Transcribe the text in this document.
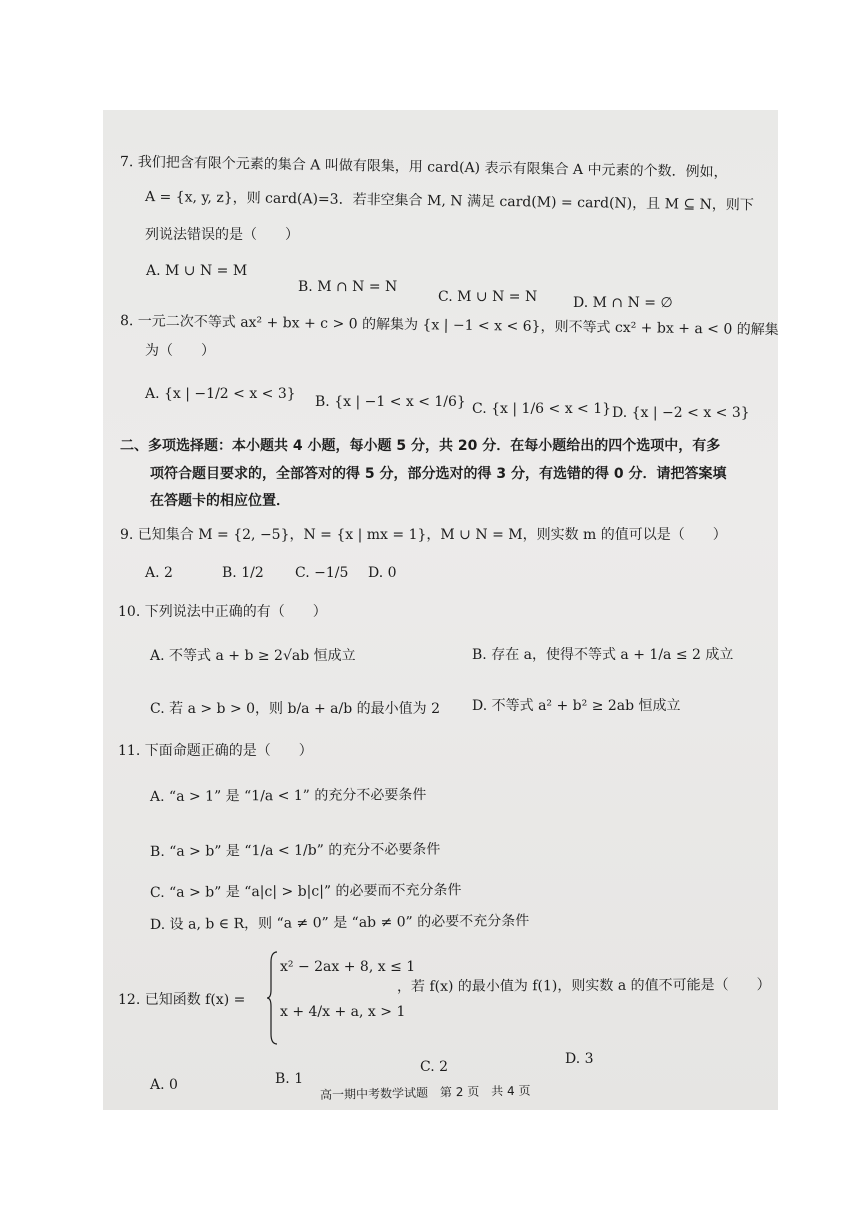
7. 我们把含有限个元素的集合 A 叫做有限集，用 card(A) 表示有限集合 A 中元素的个数．例如，
A = {x, y, z}，则 card(A)=3．若非空集合 M, N 满足 card(M) = card(N)，且 M ⊆ N，则下
列说法错误的是（　　）
A. M ∪ N = M
B. M ∩ N = N
C. M ∪ N = N	D. M ∩ N = ∅
8. 一元二次不等式 ax² + bx + c > 0 的解集为 {x | −1 < x < 6}，则不等式 cx² + bx + a < 0 的解集
为（　　）
A. {x | −1/2 < x < 3} B. {x | −1 < x < 1/6} C. {x | 1/6 < x < 1} D. {x | −2 < x < 3}
二、多项选择题：本小题共 4 小题，每小题 5 分，共 20 分．在每小题给出的四个选项中，有多
项符合题目要求的，全部答对的得 5 分，部分选对的得 3 分，有选错的得 0 分．请把答案填
在答题卡的相应位置．
9. 已知集合 M = {2, −5}，N = {x | mx = 1}，M ∪ N = M，则实数 m 的值可以是（　　）
A. 2	B. 1/2 C. −1/5 D. 0
10. 下列说法中正确的有（　　）
A. 不等式 a + b ≥ 2√ab 恒成立	B. 存在 a，使得不等式 a + 1/a ≤ 2 成立
C. 若 a > b > 0，则 b/a + a/b 的最小值为 2 D. 不等式 a² + b² ≥ 2ab 恒成立
11. 下面命题正确的是（　　）
A. “a > 1” 是 “1/a < 1” 的充分不必要条件
B. “a > b” 是 “1/a < 1/b” 的充分不必要条件
C. “a > b” 是 “a|c| > b|c|” 的必要而不充分条件
D. 设 a, b ∈ R，则 “a ≠ 0” 是 “ab ≠ 0” 的必要不充分条件
12. 已知函数 f(x) =
x² − 2ax + 8, x ≤ 1
x + 4/x + a, x > 1
，若 f(x) 的最小值为 f(1)，则实数 a 的值不可能是（　　）
A. 0	B. 1
C. 2	D. 3
高一期中考数学试题　第 2 页　共 4 页
